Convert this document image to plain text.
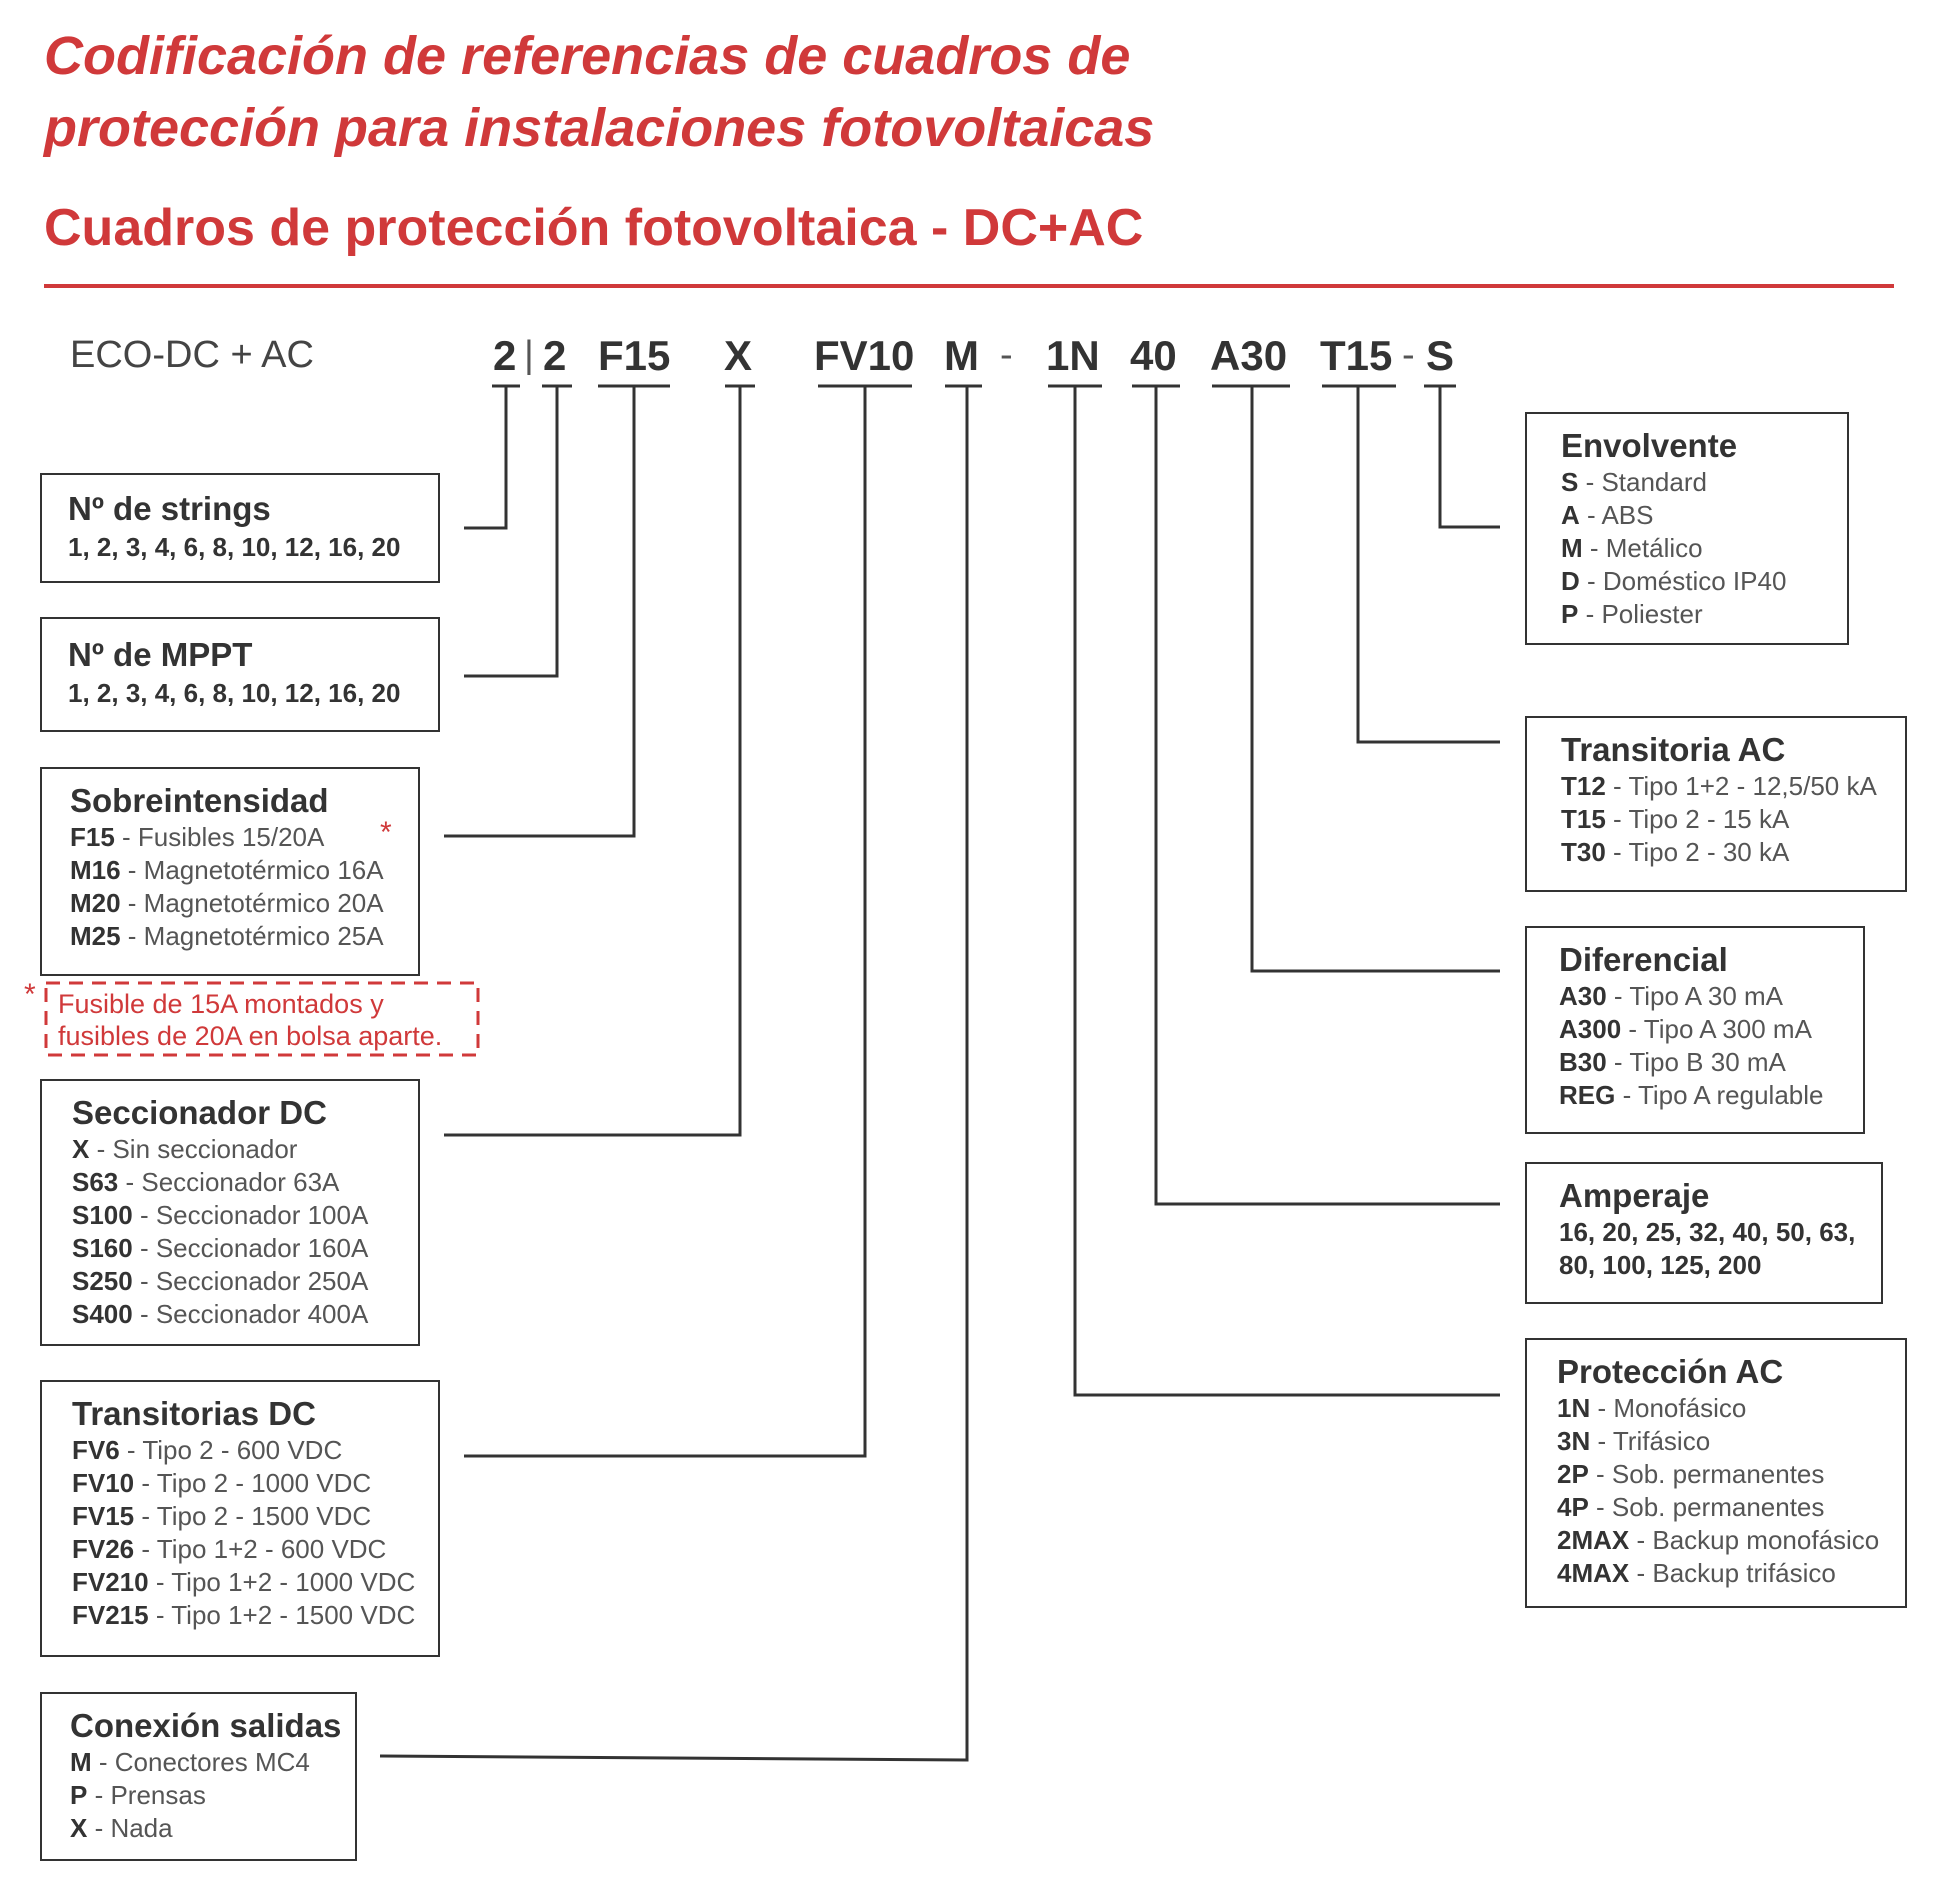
Codificación de referencias de cuadros de
protección para instalaciones fotovoltaicas
Cuadros de protección fotovoltaica - DC+AC
ECO-DC + AC	2 | 2 F15 X FV10 M - 1N 40 A30 T15 - S
Nº de strings
1, 2, 3, 4, 6, 8, 10, 12, 16, 20
Nº de MPPT
1, 2, 3, 4, 6, 8, 10, 12, 16, 20
Sobreintensidad
F15 - Fusibles 15/20A
M16 - Magnetotérmico 16A
M20 - Magnetotérmico 20A
M25 - Magnetotérmico 25A
*
* Fusible de 15A montados y
fusibles de 20A en bolsa aparte.
Seccionador DC
X - Sin seccionador
S63 - Seccionador 63A
S100 - Seccionador 100A
S160 - Seccionador 160A
S250 - Seccionador 250A
S400 - Seccionador 400A
Transitorias DC
FV6 - Tipo 2 - 600 VDC
FV10 - Tipo 2 - 1000 VDC
FV15 - Tipo 2 - 1500 VDC
FV26 - Tipo 1+2 - 600 VDC
FV210 - Tipo 1+2 - 1000 VDC
FV215 - Tipo 1+2 - 1500 VDC
Conexión salidas
M - Conectores MC4
P - Prensas
X - Nada
Envolvente
S - Standard
A - ABS
M - Metálico
D - Doméstico IP40
P - Poliester
Transitoria AC
T12 - Tipo 1+2 - 12,5/50 kA
T15 - Tipo 2 - 15 kA
T30 - Tipo 2 - 30 kA
Diferencial
A30 - Tipo A 30 mA
A300 - Tipo A 300 mA
B30 - Tipo B 30 mA
REG - Tipo A regulable
Amperaje
16, 20, 25, 32, 40, 50, 63, 80, 100, 125, 200
Protección AC
1N - Monofásico
3N - Trifásico
2P - Sob. permanentes
4P - Sob. permanentes
2MAX - Backup monofásico
4MAX - Backup trifásico
